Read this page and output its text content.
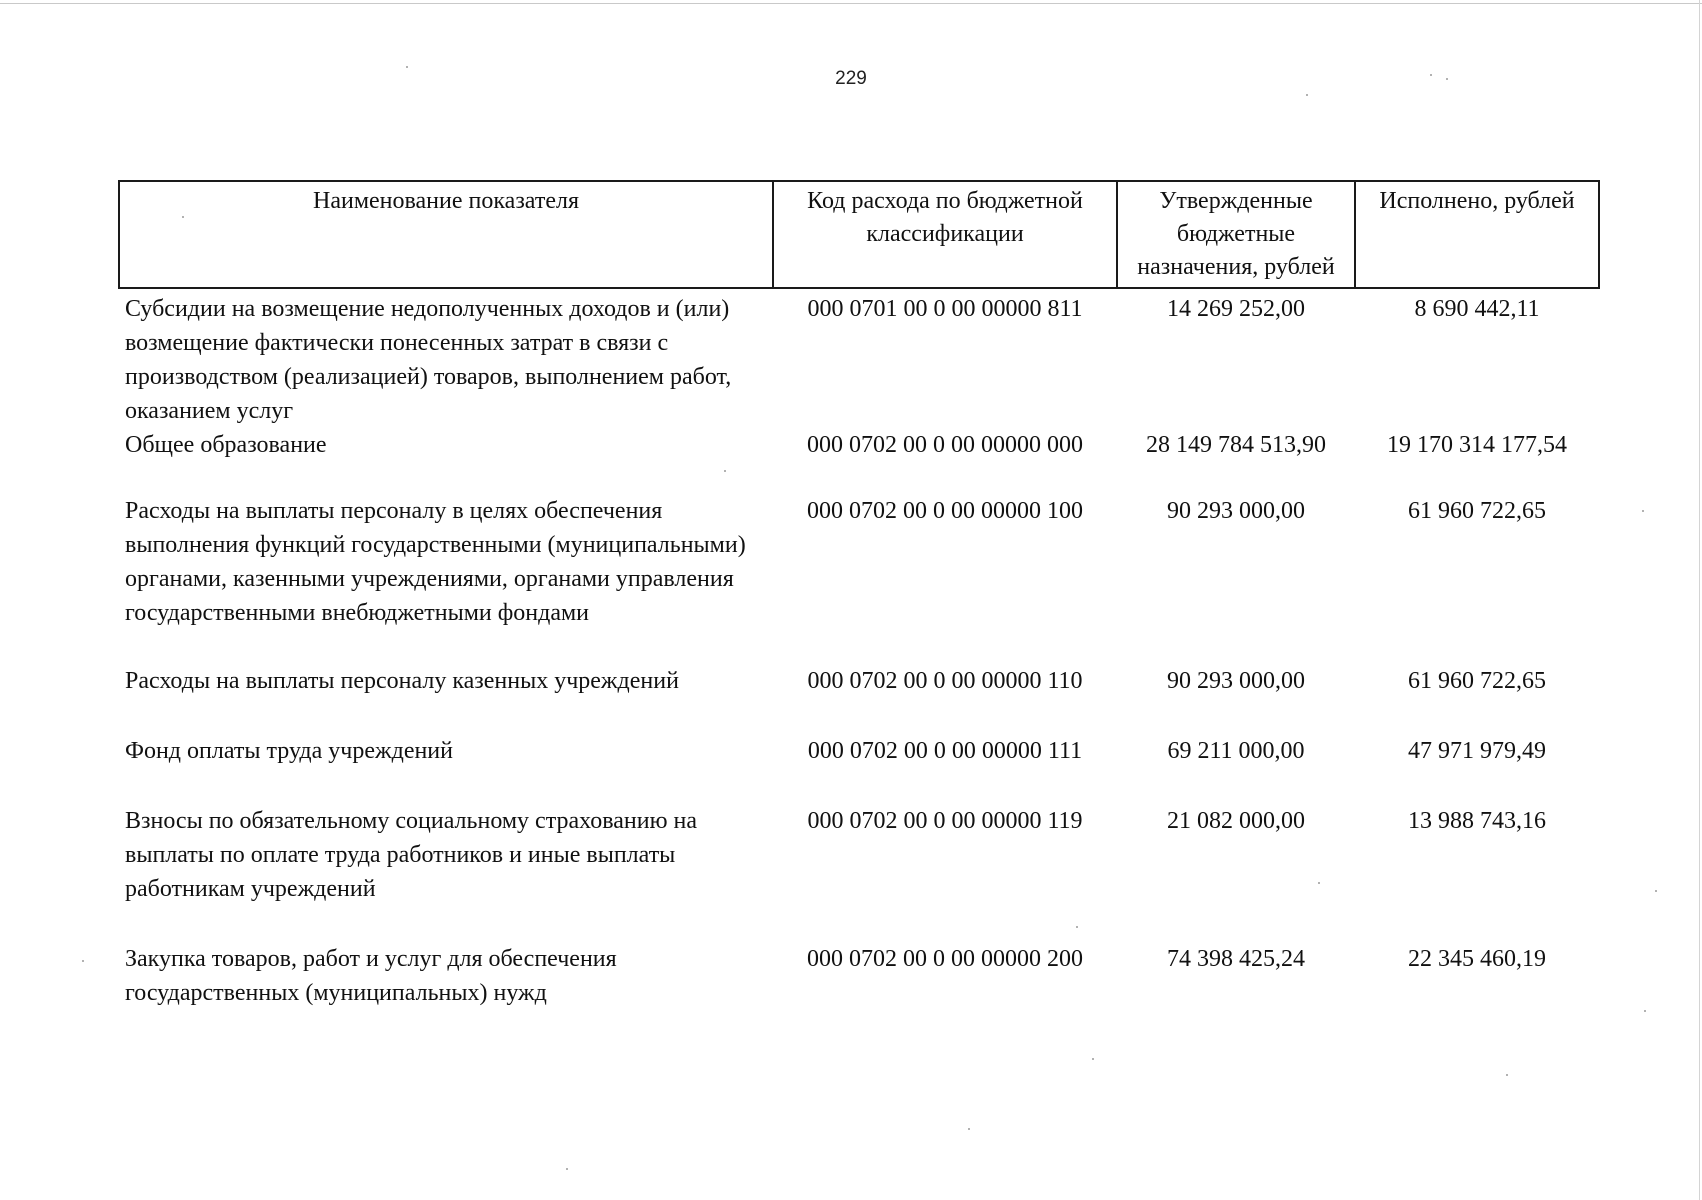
229
Наименование показателя	Код расхода по бюджетной классификации	Утвержденные бюджетные назначения, рублей	Исполнено, рублей
Субсидии на возмещение недополученных доходов и (или) возмещение фактически понесенных затрат в связи с производством (реализацией) товаров, выполнением работ, оказанием услуг	000 0701 00 0 00 00000 811	14 269 252,00	8 690 442,11
Общее образование	000 0702 00 0 00 00000 000	28 149 784 513,90	19 170 314 177,54
Расходы на выплаты персоналу в целях обеспечения выполнения функций государственными (муниципальными) органами, казенными учреждениями, органами управления государственными внебюджетными фондами	000 0702 00 0 00 00000 100	90 293 000,00	61 960 722,65
Расходы на выплаты персоналу казенных учреждений	000 0702 00 0 00 00000 110	90 293 000,00	61 960 722,65
Фонд оплаты труда учреждений	000 0702 00 0 00 00000 111	69 211 000,00	47 971 979,49
Взносы по обязательному социальному страхованию на выплаты по оплате труда работников и иные выплаты работникам учреждений	000 0702 00 0 00 00000 119	21 082 000,00	13 988 743,16
Закупка товаров, работ и услуг для обеспечения государственных (муниципальных) нужд	000 0702 00 0 00 00000 200	74 398 425,24	22 345 460,19
